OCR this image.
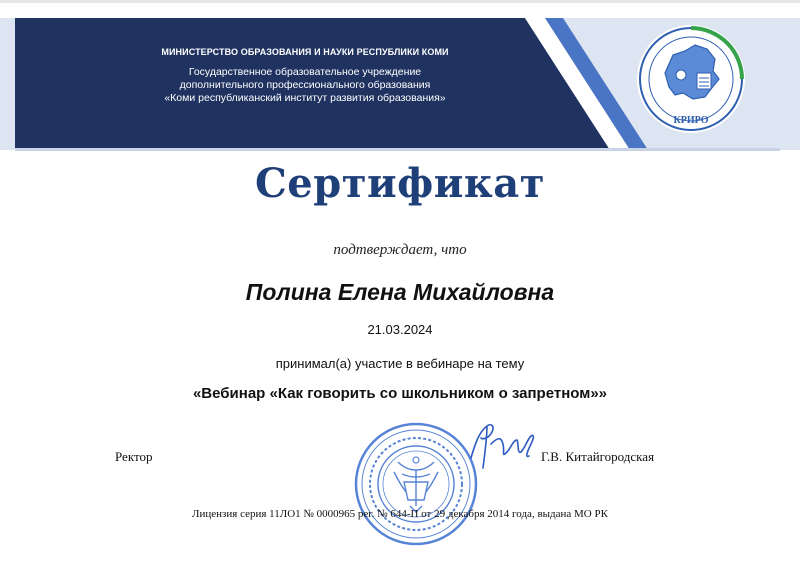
МИНИСТЕРСТВО ОБРАЗОВАНИЯ И НАУКИ РЕСПУБЛИКИ КОМИ
Государственное образовательное учреждение
дополнительного профессионального образования
«Коми республиканский институт развития образования»
КРИРО
Сертификат
подтверждает, что
Полина Елена Михайловна
21.03.2024
принимал(а) участие в вебинаре на тему
«Вебинар «Как говорить со школьником о запретном»»
Ректор	Г.В. Китайгородская
Лицензия серия 11ЛО1 № 0000965 рег. № 644-П от 29 декабря 2014 года, выдана МО РК
